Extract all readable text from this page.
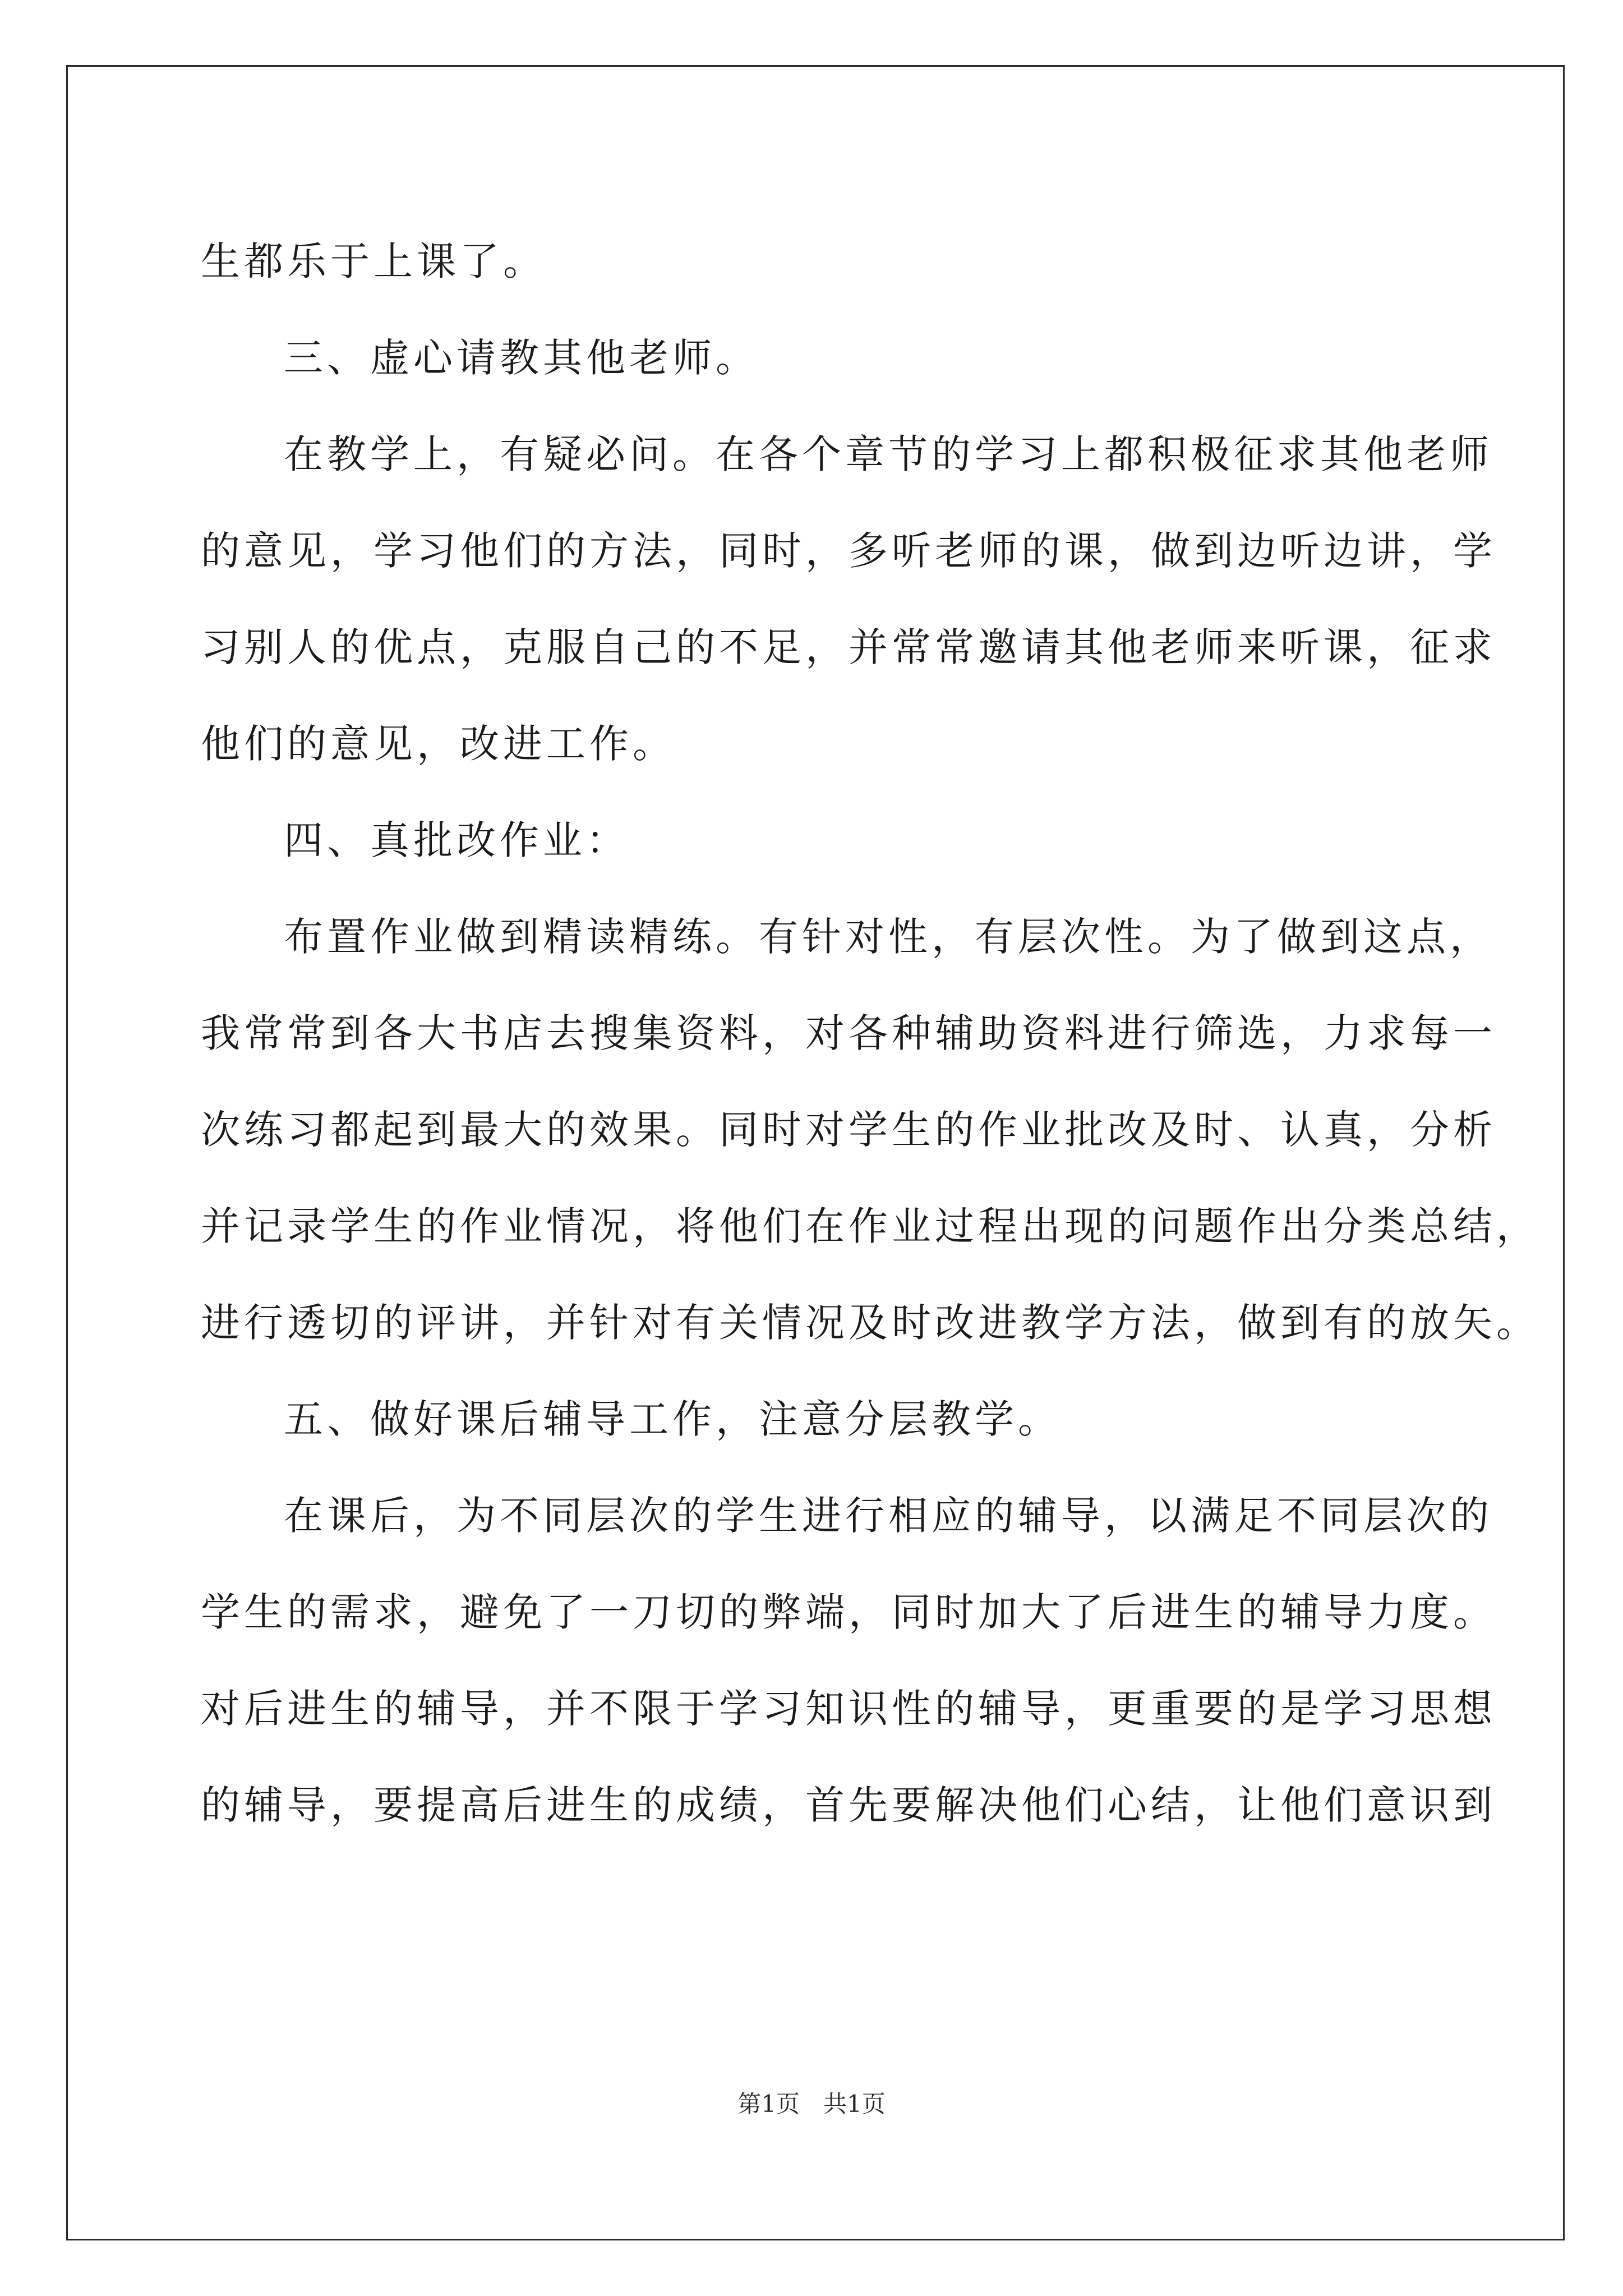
生都乐于上课了。
三、虚心请教其他老师。
在教学上，有疑必问。在各个章节的学习上都积极征求其他老师
的意见，学习他们的方法，同时，多听老师的课，做到边听边讲，学
习别人的优点，克服自己的不足，并常常邀请其他老师来听课，征求
他们的意见，改进工作。
四、真批改作业：
布置作业做到精读精练。有针对性，有层次性。为了做到这点，
我常常到各大书店去搜集资料，对各种辅助资料进行筛选，力求每一
次练习都起到最大的效果。同时对学生的作业批改及时、认真，分析
并记录学生的作业情况，将他们在作业过程出现的问题作出分类总结，
进行透切的评讲，并针对有关情况及时改进教学方法，做到有的放矢。
五、做好课后辅导工作，注意分层教学。
在课后，为不同层次的学生进行相应的辅导，以满足不同层次的
学生的需求，避免了一刀切的弊端，同时加大了后进生的辅导力度。
对后进生的辅导，并不限于学习知识性的辅导，更重要的是学习思想
的辅导，要提高后进生的成绩，首先要解决他们心结，让他们意识到
第1页 共1页
